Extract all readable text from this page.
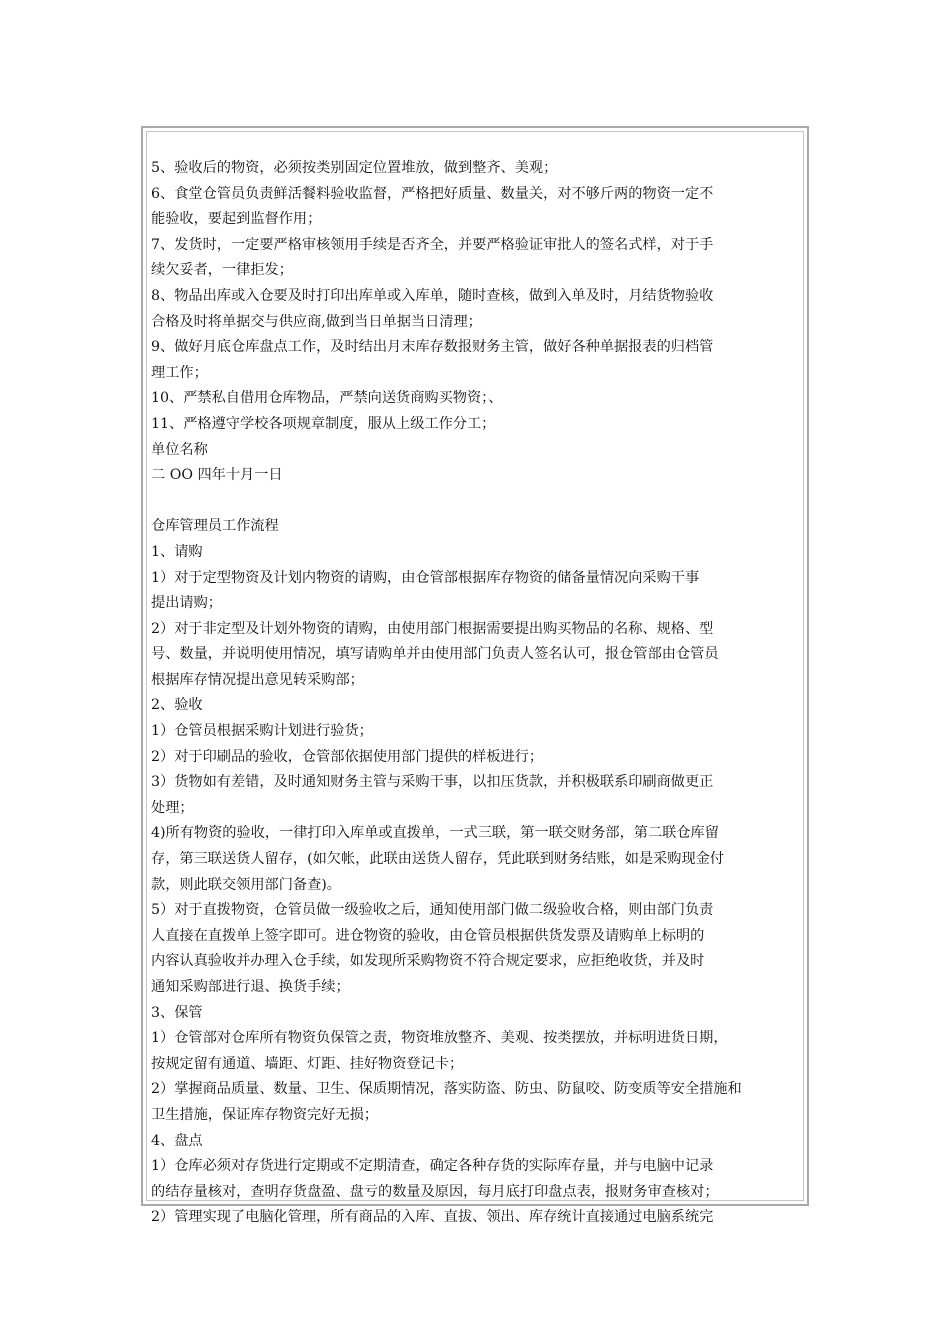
5、验收后的物资，必须按类别固定位置堆放，做到整齐、美观；
6、食堂仓管员负责鲜活餐料验收监督，严格把好质量、数量关，对不够斤两的物资一定不
能验收，要起到监督作用；
7、发货时，一定要严格审核领用手续是否齐全，并要严格验证审批人的签名式样，对于手
续欠妥者，一律拒发；
8、物品出库或入仓要及时打印出库单或入库单，随时查核，做到入单及时，月结货物验收
合格及时将单据交与供应商,做到当日单据当日清理；
9、做好月底仓库盘点工作，及时结出月末库存数报财务主管，做好各种单据报表的归档管
理工作；
10、严禁私自借用仓库物品，严禁向送货商购买物资；、
11、严格遵守学校各项规章制度，服从上级工作分工；
单位名称
二 OO 四年十月一日
仓库管理员工作流程
1、请购
1）对于定型物资及计划内物资的请购，由仓管部根据库存物资的储备量情况向采购干事
提出请购；
2）对于非定型及计划外物资的请购，由使用部门根据需要提出购买物品的名称、规格、型
号、数量，并说明使用情况，填写请购单并由使用部门负责人签名认可，报仓管部由仓管员
根据库存情况提出意见转采购部；
2、验收
1）仓管员根据采购计划进行验货；
2）对于印刷品的验收，仓管部依据使用部门提供的样板进行；
3）货物如有差错，及时通知财务主管与采购干事，以扣压货款，并积极联系印刷商做更正
处理；
4)所有物资的验收，一律打印入库单或直拨单，一式三联，第一联交财务部，第二联仓库留
存，第三联送货人留存，(如欠帐，此联由送货人留存，凭此联到财务结账，如是采购现金付
款，则此联交领用部门备查)。
5）对于直拨物资，仓管员做一级验收之后，通知使用部门做二级验收合格，则由部门负责
人直接在直拨单上签字即可。进仓物资的验收，由仓管员根据供货发票及请购单上标明的
内容认真验收并办理入仓手续，如发现所采购物资不符合规定要求，应拒绝收货，并及时
通知采购部进行退、换货手续；
3、保管
1）仓管部对仓库所有物资负保管之责，物资堆放整齐、美观、按类摆放，并标明进货日期，
按规定留有通道、墙距、灯距、挂好物资登记卡；
2）掌握商品质量、数量、卫生、保质期情况，落实防盗、防虫、防鼠咬、防变质等安全措施和
卫生措施，保证库存物资完好无损；
4、盘点
1）仓库必须对存货进行定期或不定期清查，确定各种存货的实际库存量，并与电脑中记录
的结存量核对，查明存货盘盈、盘亏的数量及原因，每月底打印盘点表，报财务审查核对；
2）管理实现了电脑化管理，所有商品的入库、直拔、领出、库存统计直接通过电脑系统完
